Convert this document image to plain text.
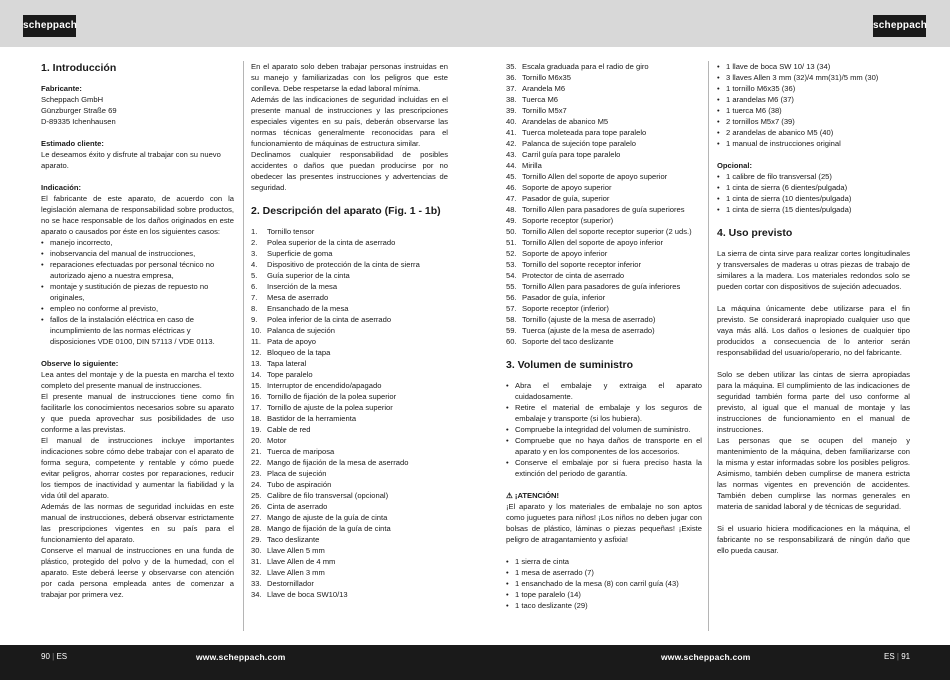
scheppach	scheppach
1. Introducción

Fabricante:

Scheppach GmbH

Günzburger Straße 69

D-89335 Ichenhausen

Estimado cliente:

Le deseamos éxito y disfrute al trabajar con su nuevo aparato.

Indicación:

El fabricante de este aparato, de acuerdo con la legislación alemana de responsabilidad sobre productos, no se hace responsable de los daños originados en este aparato o causados por éste en los siguientes casos:

• manejo incorrecto,
• inobservancia del manual de instrucciones,
• reparaciones efectuadas por personal técnico no autorizado ajeno a nuestra empresa,
• montaje y sustitución de piezas de repuesto no originales,
• empleo no conforme al previsto,
• fallos de la instalación eléctrica en caso de incumplimiento de las normas eléctricas y disposiciones VDE 0100, DIN 57113 / VDE 0113.

Observe lo siguiente:

Lea antes del montaje y de la puesta en marcha el texto completo del presente manual de instrucciones.

El presente manual de instrucciones tiene como fin facilitarle los conocimientos necesarios sobre su aparato y que pueda aprovechar sus posibilidades de uso conforme a las previstas.

El manual de instrucciones incluye importantes indicaciones sobre cómo debe trabajar con el aparato de forma segura, competente y rentable y cómo puede evitar peligros, ahorrar costes por reparaciones, reducir los tiempos de inactividad y aumentar la fiabilidad y la vida útil del aparato.

Además de las normas de seguridad incluidas en este manual de instrucciones, deberá observar estrictamente las prescripciones vigentes en su país para el funcionamiento del aparato.

Conserve el manual de instrucciones en una funda de plástico, protegido del polvo y de la humedad, con el aparato. Este deberá leerse y observarse con atención por cada persona empleada antes de comenzar a trabajar por primera vez.

En el aparato solo deben trabajar personas instruidas en su manejo y familiarizadas con los peligros que este conlleva. Debe respetarse la edad laboral mínima.

Además de las indicaciones de seguridad incluidas en el presente manual de instrucciones y las prescripciones especiales vigentes en su país, deberán observarse las normas técnicas generalmente reconocidas para el funcionamiento de máquinas de estructura similar.

Declinamos cualquier responsabilidad de posibles accidentes o daños que puedan producirse por no obedecer las presentes instrucciones y advertencias de seguridad.

2. Descripción del aparato (Fig. 1 - 1b)
1. Tornillo tensor
2. Polea superior de la cinta de aserrado
3. Superficie de goma
4. Dispositivo de protección de la cinta de sierra
5. Guía superior de la cinta
6. Inserción de la mesa
7. Mesa de aserrado
8. Ensanchado de la mesa
9. Polea inferior de la cinta de aserrado
10. Palanca de sujeción
11. Pata de apoyo
12. Bloqueo de la tapa
13. Tapa lateral
14. Tope paralelo
15. Interruptor de encendido/apagado
16. Tornillo de fijación de la polea superior
17. Tornillo de ajuste de la polea superior
18. Bastidor de la herramienta
19. Cable de red
20. Motor
21. Tuerca de mariposa
22. Mango de fijación de la mesa de aserrado
23. Placa de sujeción
24. Tubo de aspiración
25. Calibre de filo transversal (opcional)
26. Cinta de aserrado
27. Mango de ajuste de la guía de cinta
28. Mango de fijación de la guía de cinta
29. Taco deslizante
30. Llave Allen 5 mm
31. Llave Allen de 4 mm
32. Llave Allen 3 mm
33. Destornillador
34. Llave de boca SW10/13
35. Escala graduada para el radio de giro
36. Tornillo M6x35
37. Arandela M6
38. Tuerca M6
39. Tornillo M5x7
40. Arandelas de abanico M5
41. Tuerca moleteada para tope paralelo
42. Palanca de sujeción tope paralelo
43. Carril guía para tope paralelo
44. Mirilla
45. Tornillo Allen del soporte de apoyo superior
46. Soporte de apoyo superior
47. Pasador de guía, superior
48. Tornillo Allen para pasadores de guía superiores
49. Soporte receptor (superior)
50. Tornillo Allen del soporte receptor superior (2 uds.)
51. Tornillo Allen del soporte de apoyo inferior
52. Soporte de apoyo inferior
53. Tornillo del soporte receptor inferior
54. Protector de cinta de aserrado
55. Tornillo Allen para pasadores de guía inferiores
56. Pasador de guía, inferior
57. Soporte receptor (inferior)
58. Tornillo (ajuste de la mesa de aserrado)
59. Tuerca (ajuste de la mesa de aserrado)
60. Soporte del taco deslizante
3. Volumen de suministro
• Abra el embalaje y extraiga el aparato cuidadosamente.
• Retire el material de embalaje y los seguros de embalaje y transporte (si los hubiera).
• Compruebe la integridad del volumen de suministro.
• Compruebe que no haya daños de transporte en el aparato y en los componentes de los accesorios.
• Conserve el embalaje por si fuera preciso hasta la extinción del periodo de garantía.

⚠ ¡ATENCIÓN!

¡El aparato y los materiales de embalaje no son aptos como juguetes para niños! ¡Los niños no deben jugar con bolsas de plástico, láminas o piezas pequeñas! ¡Existe peligro de atragantamiento y asfixia!

• 1 sierra de cinta
• 1 mesa de aserrado (7)
• 1 ensanchado de la mesa (8) con carril guía (43)
• 1 tope paralelo (14)
• 1 taco deslizante (29)
• 1 llave de boca SW 10/ 13 (34)
• 3 llaves Allen 3 mm (32)/4 mm(31)/5 mm (30)
• 1 tornillo M6x35 (36)
• 1 arandelas M6 (37)
• 1 tuerca M6 (38)
• 2 tornillos M5x7 (39)
• 2 arandelas de abanico M5 (40)
• 1 manual de instrucciones original

Opcional:

• 1 calibre de filo transversal (25)
• 1 cinta de sierra (6 dientes/pulgada)
• 1 cinta de sierra (10 dientes/pulgada)
• 1 cinta de sierra (15 dientes/pulgada)
4. Uso previsto

La sierra de cinta sirve para realizar cortes longitudinales y transversales de maderas u otras piezas de trabajo de similares a la madera. Los materiales redondos solo se pueden cortar con dispositivos de sujeción adecuados.

La máquina únicamente debe utilizarse para el fin previsto. Se considerará inapropiado cualquier uso que vaya más allá. Los daños o lesiones de cualquier tipo producidos a consecuencia de lo anterior serán responsabilidad del usuario/operario, no del fabricante.

Solo se deben utilizar las cintas de sierra apropiadas para la máquina. El cumplimiento de las indicaciones de seguridad también forma parte del uso conforme al previsto, al igual que el manual de montaje y las instrucciones de funcionamiento en el manual de instrucciones.

Las personas que se ocupen del manejo y mantenimiento de la máquina, deben familiarizarse con la misma y estar informadas sobre los posibles peligros. Asimismo, también deben cumplirse de manera estricta las normas vigentes en prevención de accidentes. También deben cumplirse las normas generales en materia de sanidad laboral y de técnicas de seguridad.

Si el usuario hiciera modificaciones en la máquina, el fabricante no se responsabilizará de ningún daño que ello pueda causar.

90 | ES	www.scheppach.com	www.scheppach.com	ES | 91
